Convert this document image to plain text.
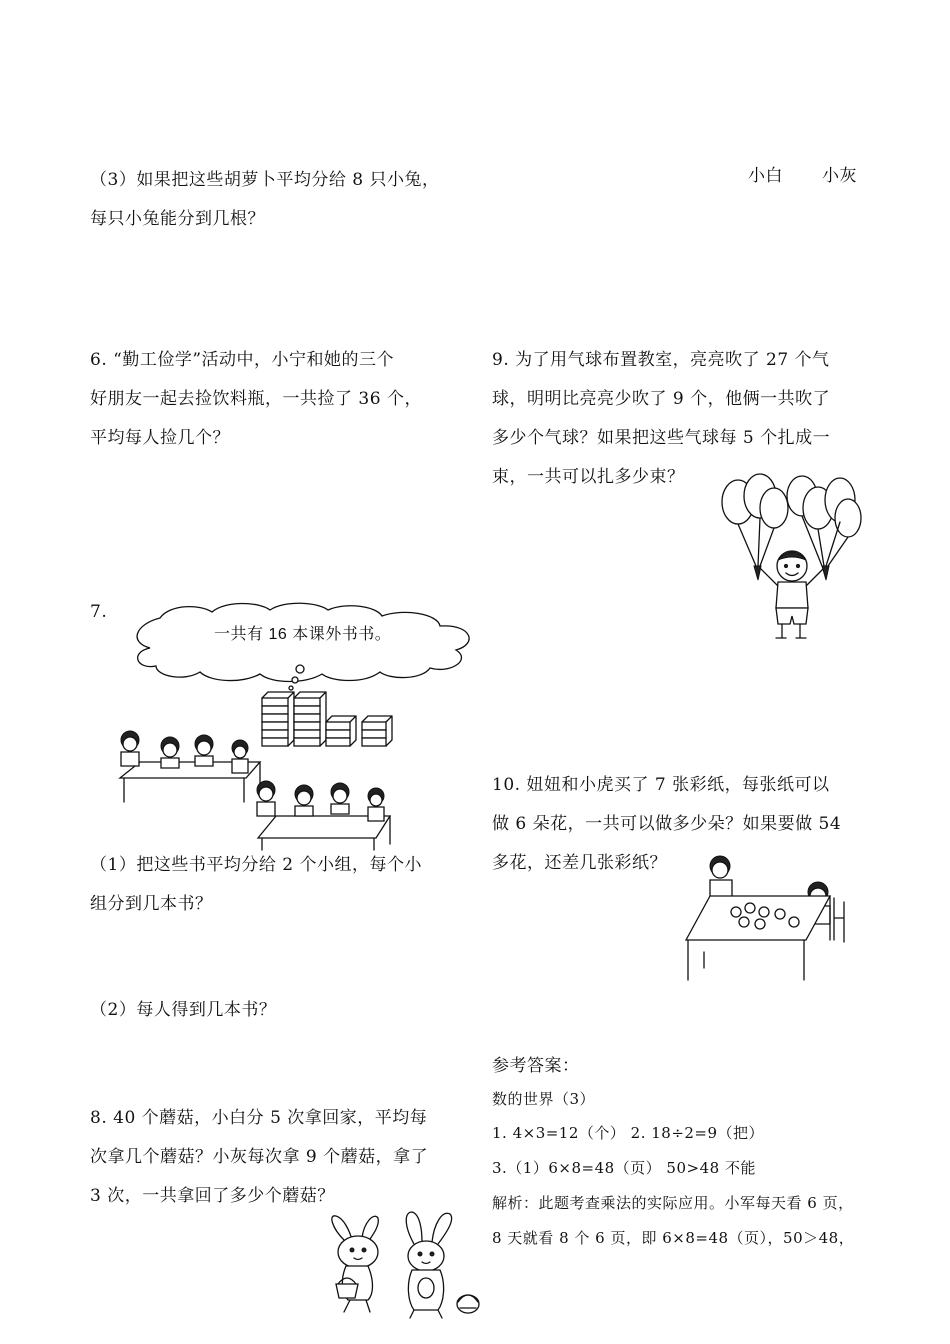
（3）如果把这些胡萝卜平均分给 8 只小兔，
每只小兔能分到几根？
6. “勤工俭学”活动中，小宁和她的三个
好朋友一起去捡饮料瓶，一共捡了 36 个，
平均每人捡几个？
7.
一共有 16 本课外书书。
（1）把这些书平均分给 2 个小组，每个小
组分到几本书？
（2）每人得到几本书？
8. 40 个蘑菇，小白分 5 次拿回家，平均每
次拿几个蘑菇？小灰每次拿 9 个蘑菇，拿了
3 次，一共拿回了多少个蘑菇？
小白 小灰
9. 为了用气球布置教室，亮亮吹了 27 个气
球，明明比亮亮少吹了 9 个，他俩一共吹了
多少个气球？如果把这些气球每 5 个扎成一
束，一共可以扎多少束？
10. 妞妞和小虎买了 7 张彩纸，每张纸可以
做 6 朵花，一共可以做多少朵？如果要做 54
多花，还差几张彩纸？
参考答案：
数的世界（3）
1. 4×3=12（个） 2. 18÷2=9（把）
3.（1）6×8=48（页） 50>48 不能
解析：此题考查乘法的实际应用。小军每天看 6 页，
8 天就看 8 个 6 页，即 6×8=48（页），50＞48，
